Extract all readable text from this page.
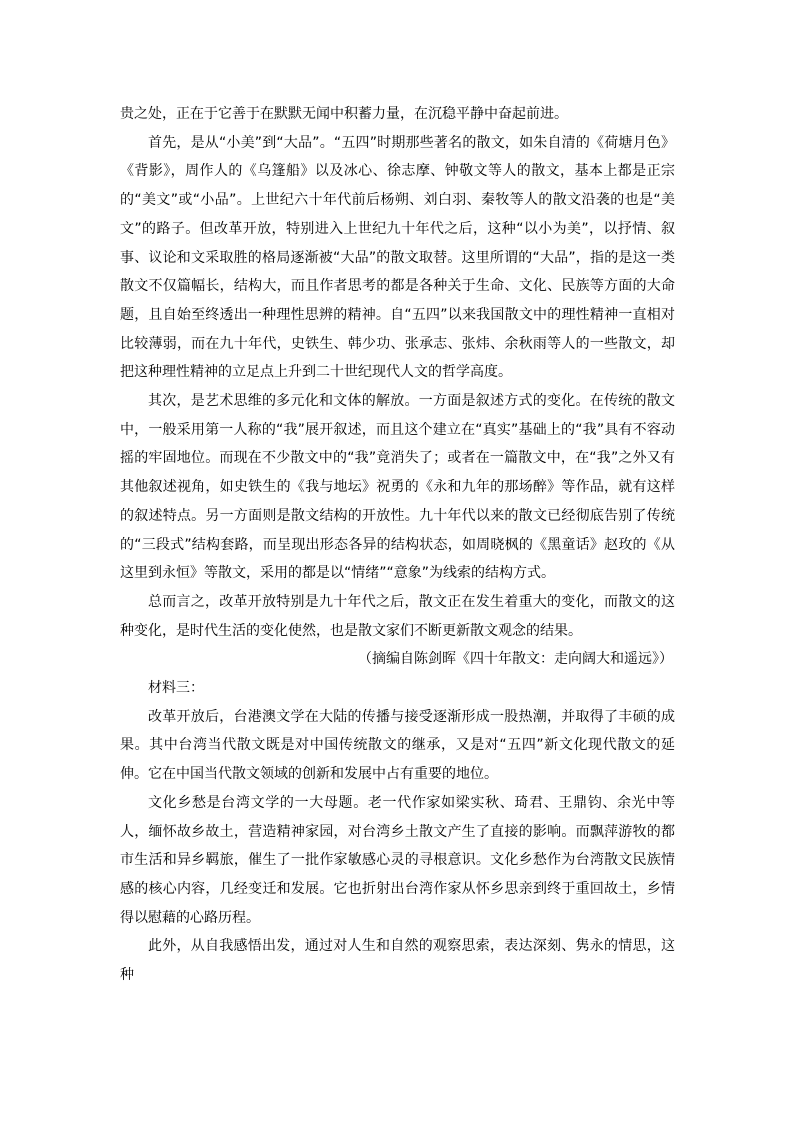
贵之处，正在于它善于在默默无闻中积蓄力量，在沉稳平静中奋起前进。

首先，是从“小美”到“大品”。“五四”时期那些著名的散文，如朱自清的《荷塘月色》《背影》，周作人的《乌篷船》以及冰心、徐志摩、钟敬文等人的散文，基本上都是正宗的“美文”或“小品”。上世纪六十年代前后杨朔、刘白羽、秦牧等人的散文沿袭的也是“美文”的路子。但改革开放，特别进入上世纪九十年代之后，这种“以小为美”，以抒情、叙事、议论和文采取胜的格局逐渐被“大品”的散文取替。这里所谓的“大品”，指的是这一类散文不仅篇幅长，结构大，而且作者思考的都是各种关于生命、文化、民族等方面的大命题，且自始至终透出一种理性思辨的精神。自“五四”以来我国散文中的理性精神一直相对比较薄弱，而在九十年代，史铁生、韩少功、张承志、张炜、余秋雨等人的一些散文，却把这种理性精神的立足点上升到二十世纪现代人文的哲学高度。

其次，是艺术思维的多元化和文体的解放。一方面是叙述方式的变化。在传统的散文中，一般采用第一人称的“我”展开叙述，而且这个建立在“真实”基础上的“我”具有不容动摇的牢固地位。而现在不少散文中的“我”竟消失了；或者在一篇散文中，在“我”之外又有其他叙述视角，如史铁生的《我与地坛》祝勇的《永和九年的那场醉》等作品，就有这样的叙述特点。另一方面则是散文结构的开放性。九十年代以来的散文已经彻底告别了传统的“三段式”结构套路，而呈现出形态各异的结构状态，如周晓枫的《黑童话》赵玫的《从这里到永恒》等散文，采用的都是以“情绪”“意象”为线索的结构方式。

总而言之，改革开放特别是九十年代之后，散文正在发生着重大的变化，而散文的这种变化，是时代生活的变化使然，也是散文家们不断更新散文观念的结果。

（摘编自陈剑晖《四十年散文：走向阔大和遥远》）

材料三：

改革开放后，台港澳文学在大陆的传播与接受逐渐形成一股热潮，并取得了丰硕的成果。其中台湾当代散文既是对中国传统散文的继承，又是对“五四”新文化现代散文的延伸。它在中国当代散文领域的创新和发展中占有重要的地位。

文化乡愁是台湾文学的一大母题。老一代作家如梁实秋、琦君、王鼎钧、余光中等人，缅怀故乡故土，营造精神家园，对台湾乡土散文产生了直接的影响。而飘萍游牧的都市生活和异乡羁旅，催生了一批作家敏感心灵的寻根意识。文化乡愁作为台湾散文民族情感的核心内容，几经变迁和发展。它也折射出台湾作家从怀乡思亲到终于重回故土，乡情得以慰藉的心路历程。

此外，从自我感悟出发，通过对人生和自然的观察思索，表达深刻、隽永的情思，这种
